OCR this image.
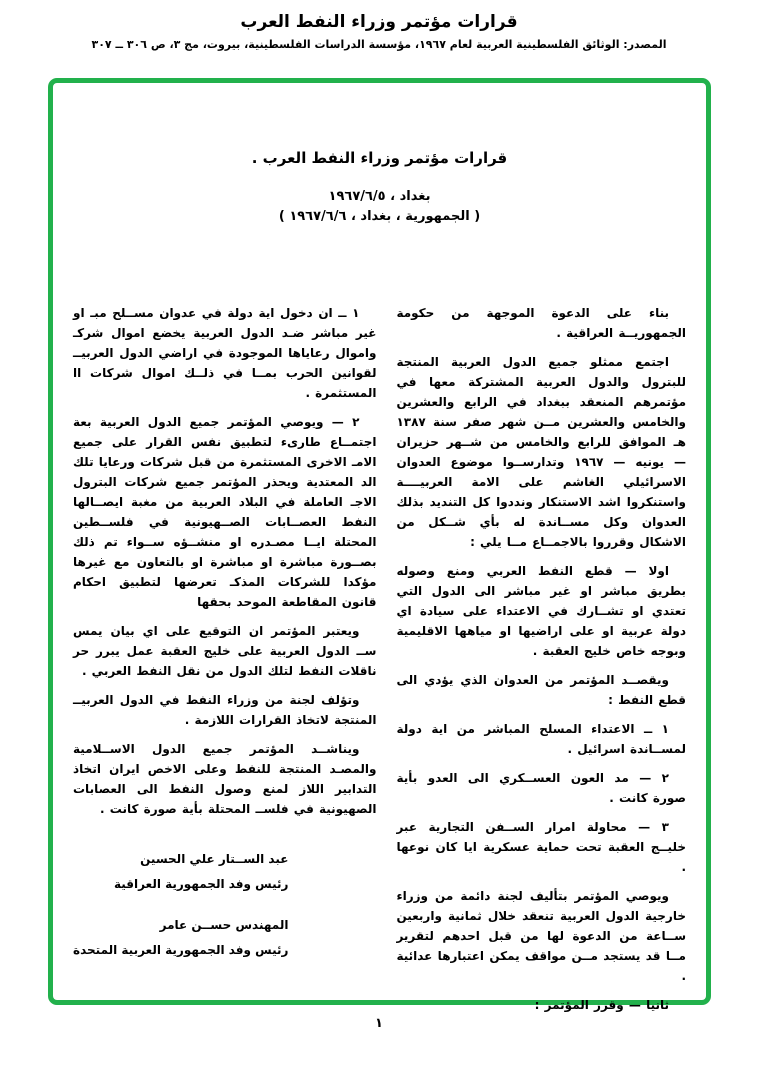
قرارات مؤتمر وزراء النفط العرب
المصدر: الوثائق الفلسطينية العربية لعام ١٩٦٧، مؤسسة الدراسات الفلسطينية، بيروت، مج ٣، ص ٣٠٦ ــ ٣٠٧
قرارات مؤتمر وزراء النفط العرب .
بغداد ، ١٩٦٧/٦/٥
( الجمهورية ، بغداد ، ١٩٦٧/٦/٦ )

بناء على الدعوة الموجهة من حكومة الجمهوريــة العراقية .

اجتمع ممثلو جميع الدول العربية المنتجة للبترول والدول العربية المشتركة معها في مؤتمرهم المنعقد ببغداد في الرابع والعشرين والخامس والعشرين مــن شهر صفر سنة ١٣٨٧ هـ الموافق للرابع والخامس من شــهر حزيران — يونيه — ١٩٦٧ وتدارســوا موضوع العدوان الاسرائيلي الغاشم على الامة العربيــــة واستنكروا اشد الاستنكار ونددوا كل التنديد بذلك العدوان وكل مســاندة له بأي شــكل من الاشكال وقرروا بالاجمــاع مــا يلي :

اولا — قطع النفط العربي ومنع وصوله بطريق مباشر او غير مباشر الى الدول التي تعتدي او تشــارك في الاعتداء على سيادة اي دولة عربية او على اراضيها او مياهها الاقليمية وبوجه خاص خليج العقبة .

ويقصــد المؤتمر من العدوان الذي يؤدي الى قطع النفط :

١ ــ الاعتداء المسلح المباشر من اية دولة لمســاندة اسرائيل .

٢ — مد العون العســكري الى العدو بأية صورة كانت .

٣ — محاولة امرار الســفن التجارية عبر خليــج العقبة تحت حماية عسكرية ايا كان نوعها .

ويوصي المؤتمر بتأليف لجنة دائمة من وزراء خارجية الدول العربية تنعقد خلال ثمانية واربعين ســاعة من الدعوة لها من قبل احدهم لتقرير مــا قد يستجد مــن مواقف يمكن اعتبارها عدائية .

ثانيا — وقرر المؤتمر :

١ ــ ان دخول اية دولة في عدوان مســلح مبـ او غير مباشر ضـد الدول العربية يخضع اموال شركـ واموال رعاياها الموجودة في اراضي الدول العربيــ لقوانين الحرب بمــا في ذلــك اموال شركات اا المستثمرة .

٢ — ويوصي المؤتمر جميع الدول العربية بعة اجتمــاع طارىء لتطبيق نفس القرار على جميع الامـ الاخرى المستثمرة من قبل شركات ورعايا تلك الد المعتدية ويحذر المؤتمر جميع شركات البترول الاجـ العاملة في البلاد العربية من مغبة ايصــالها النفط العصــابات الصــهيونية في فلســطين المحتلة ايــا مصـدره او منشــؤه ســواء تم ذلك بصــورة مباشرة او مباشرة او بالتعاون مع غيرها مؤكدا للشركات المذكـ تعرضها لتطبيق احكام قانون المقاطعة الموحد بحقها

ويعتبر المؤتمر ان التوقيع على اي بيان يمس ســ الدول العربية على خليج العقبة عمل يبرر حر ناقلات النفط لتلك الدول من نقل النفط العربي .

وتؤلف لجنة من وزراء النفط في الدول العربيــ المنتجة لاتخاذ القرارات اللازمة .

ويناشــد المؤتمر جميع الدول الاســلامية والمصـد المنتجة للنفط وعلى الاخص ايران اتخاذ التدابير اللاز لمنع وصول النفط الى العصابات الصهيونية في فلســ المحتلة بأية صورة كانت .

عبد الســتار علي الحسين
رئيس وفد الجمهورية العراقية
المهندس حســن عامر
رئيس وفد الجمهورية العربية المتحدة
١
